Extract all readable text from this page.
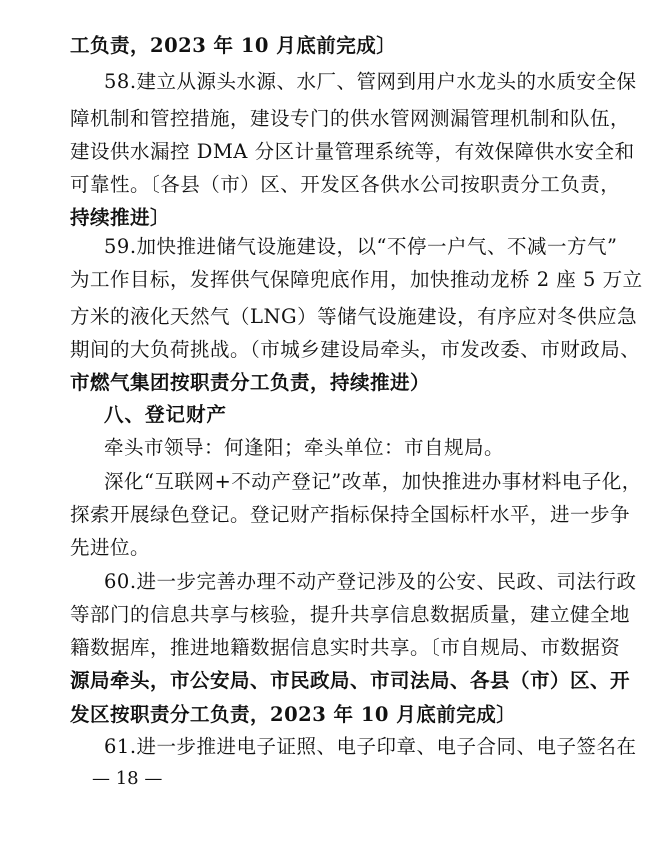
工负责，2023 年 10 月底前完成〕
58.建立从源头水源、水厂、管网到用户水龙头的水质安全保
障机制和管控措施，建设专门的供水管网测漏管理机制和队伍，
建设供水漏控 DMA 分区计量管理系统等，有效保障供水安全和
可靠性。〔各县（市）区、开发区各供水公司按职责分工负责，
持续推进〕
59.加快推进储气设施建设，以“不停一户气、不减一方气”
为工作目标，发挥供气保障兜底作用，加快推动龙桥 2 座 5 万立
方米的液化天然气（LNG）等储气设施建设，有序应对冬供应急
期间的大负荷挑战。（市城乡建设局牵头，市发改委、市财政局、
市燃气集团按职责分工负责，持续推进）
八、登记财产
牵头市领导：何逢阳；牵头单位：市自规局。
深化“互联网+不动产登记”改革，加快推进办事材料电子化，
探索开展绿色登记。登记财产指标保持全国标杆水平，进一步争
先进位。
60.进一步完善办理不动产登记涉及的公安、民政、司法行政
等部门的信息共享与核验，提升共享信息数据质量，建立健全地
籍数据库，推进地籍数据信息实时共享。〔市自规局、市数据资
源局牵头，市公安局、市民政局、市司法局、各县（市）区、开
发区按职责分工负责，2023 年 10 月底前完成〕
61.进一步推进电子证照、电子印章、电子合同、电子签名在
— 18 —
